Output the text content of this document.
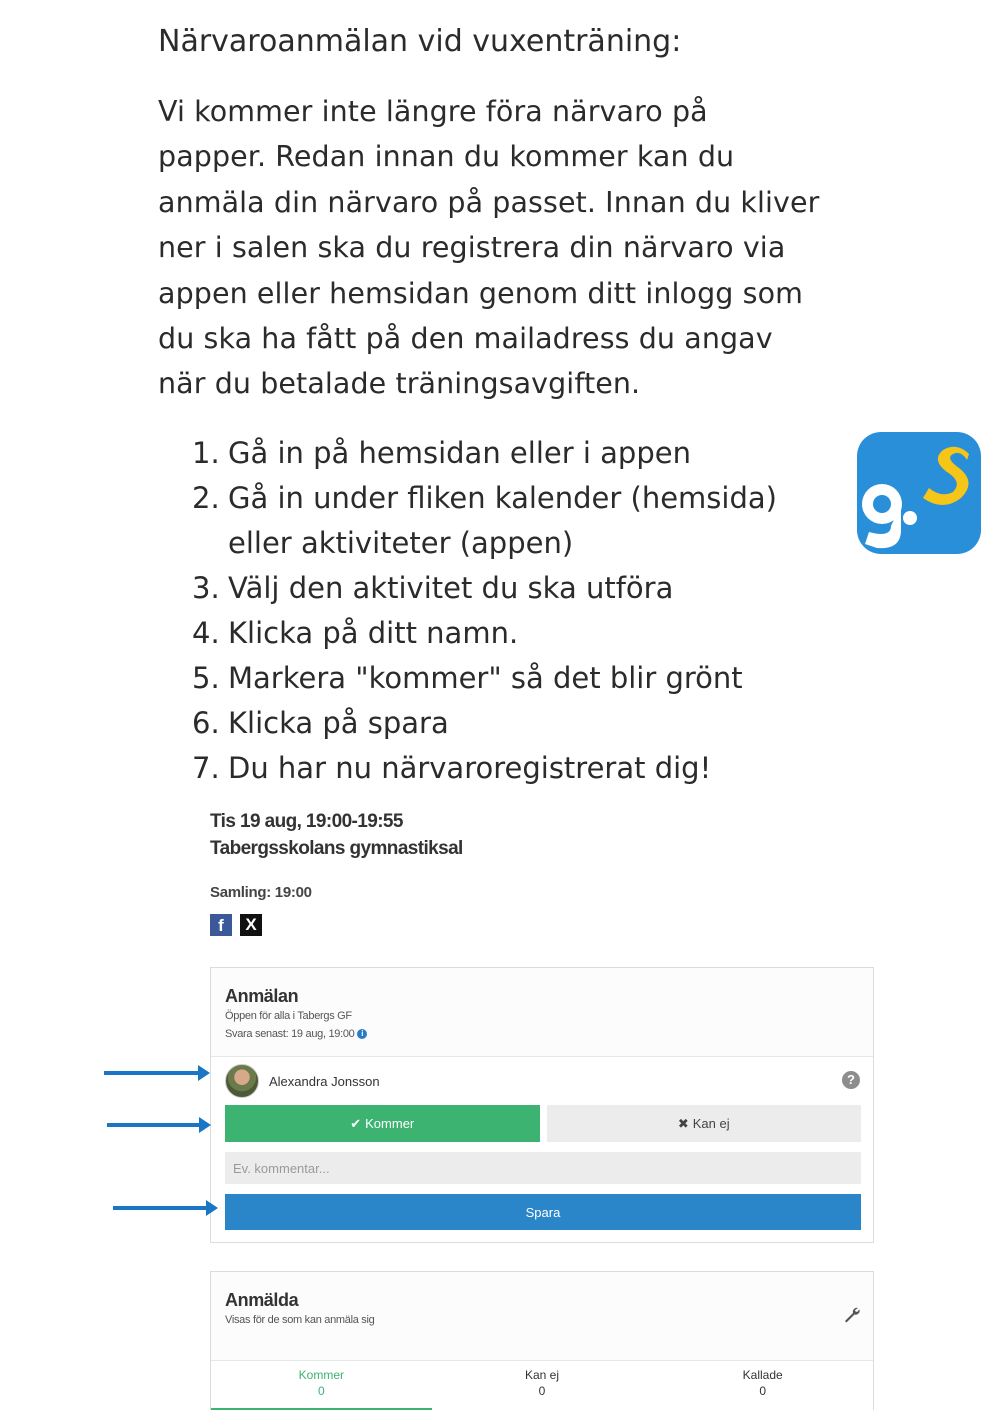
Närvaroanmälan vid vuxenträning:
Vi kommer inte längre föra närvaro på
papper. Redan innan du kommer kan du
anmäla din närvaro på passet. Innan du kliver
ner i salen ska du registrera din närvaro via
appen eller hemsidan genom ditt inlogg som
du ska ha fått på den mailadress du angav
när du betalade träningsavgiften.
1. Gå in på hemsidan eller i appen
2. Gå in under fliken kalender (hemsida)
eller aktiviteter (appen)
3. Välj den aktivitet du ska utföra
4. Klicka på ditt namn.
5. Markera "kommer" så det blir grönt
6. Klicka på spara
7. Du har nu närvaroregistrerat dig!
Tis 19 aug, 19:00-19:55
Tabergsskolans gymnastiksal
Samling: 19:00
f	X
Anmälan
Öppen för alla i Tabergs GF
Svara senast: 19 aug, 19:00 i
Alexandra Jonsson	?
✔ Kommer	✖ Kan ej
Ev. kommentar...
Spara
Anmälda
Visas för de som kan anmäla sig
Kommer
0
Kan ej
0
Kallade
0
